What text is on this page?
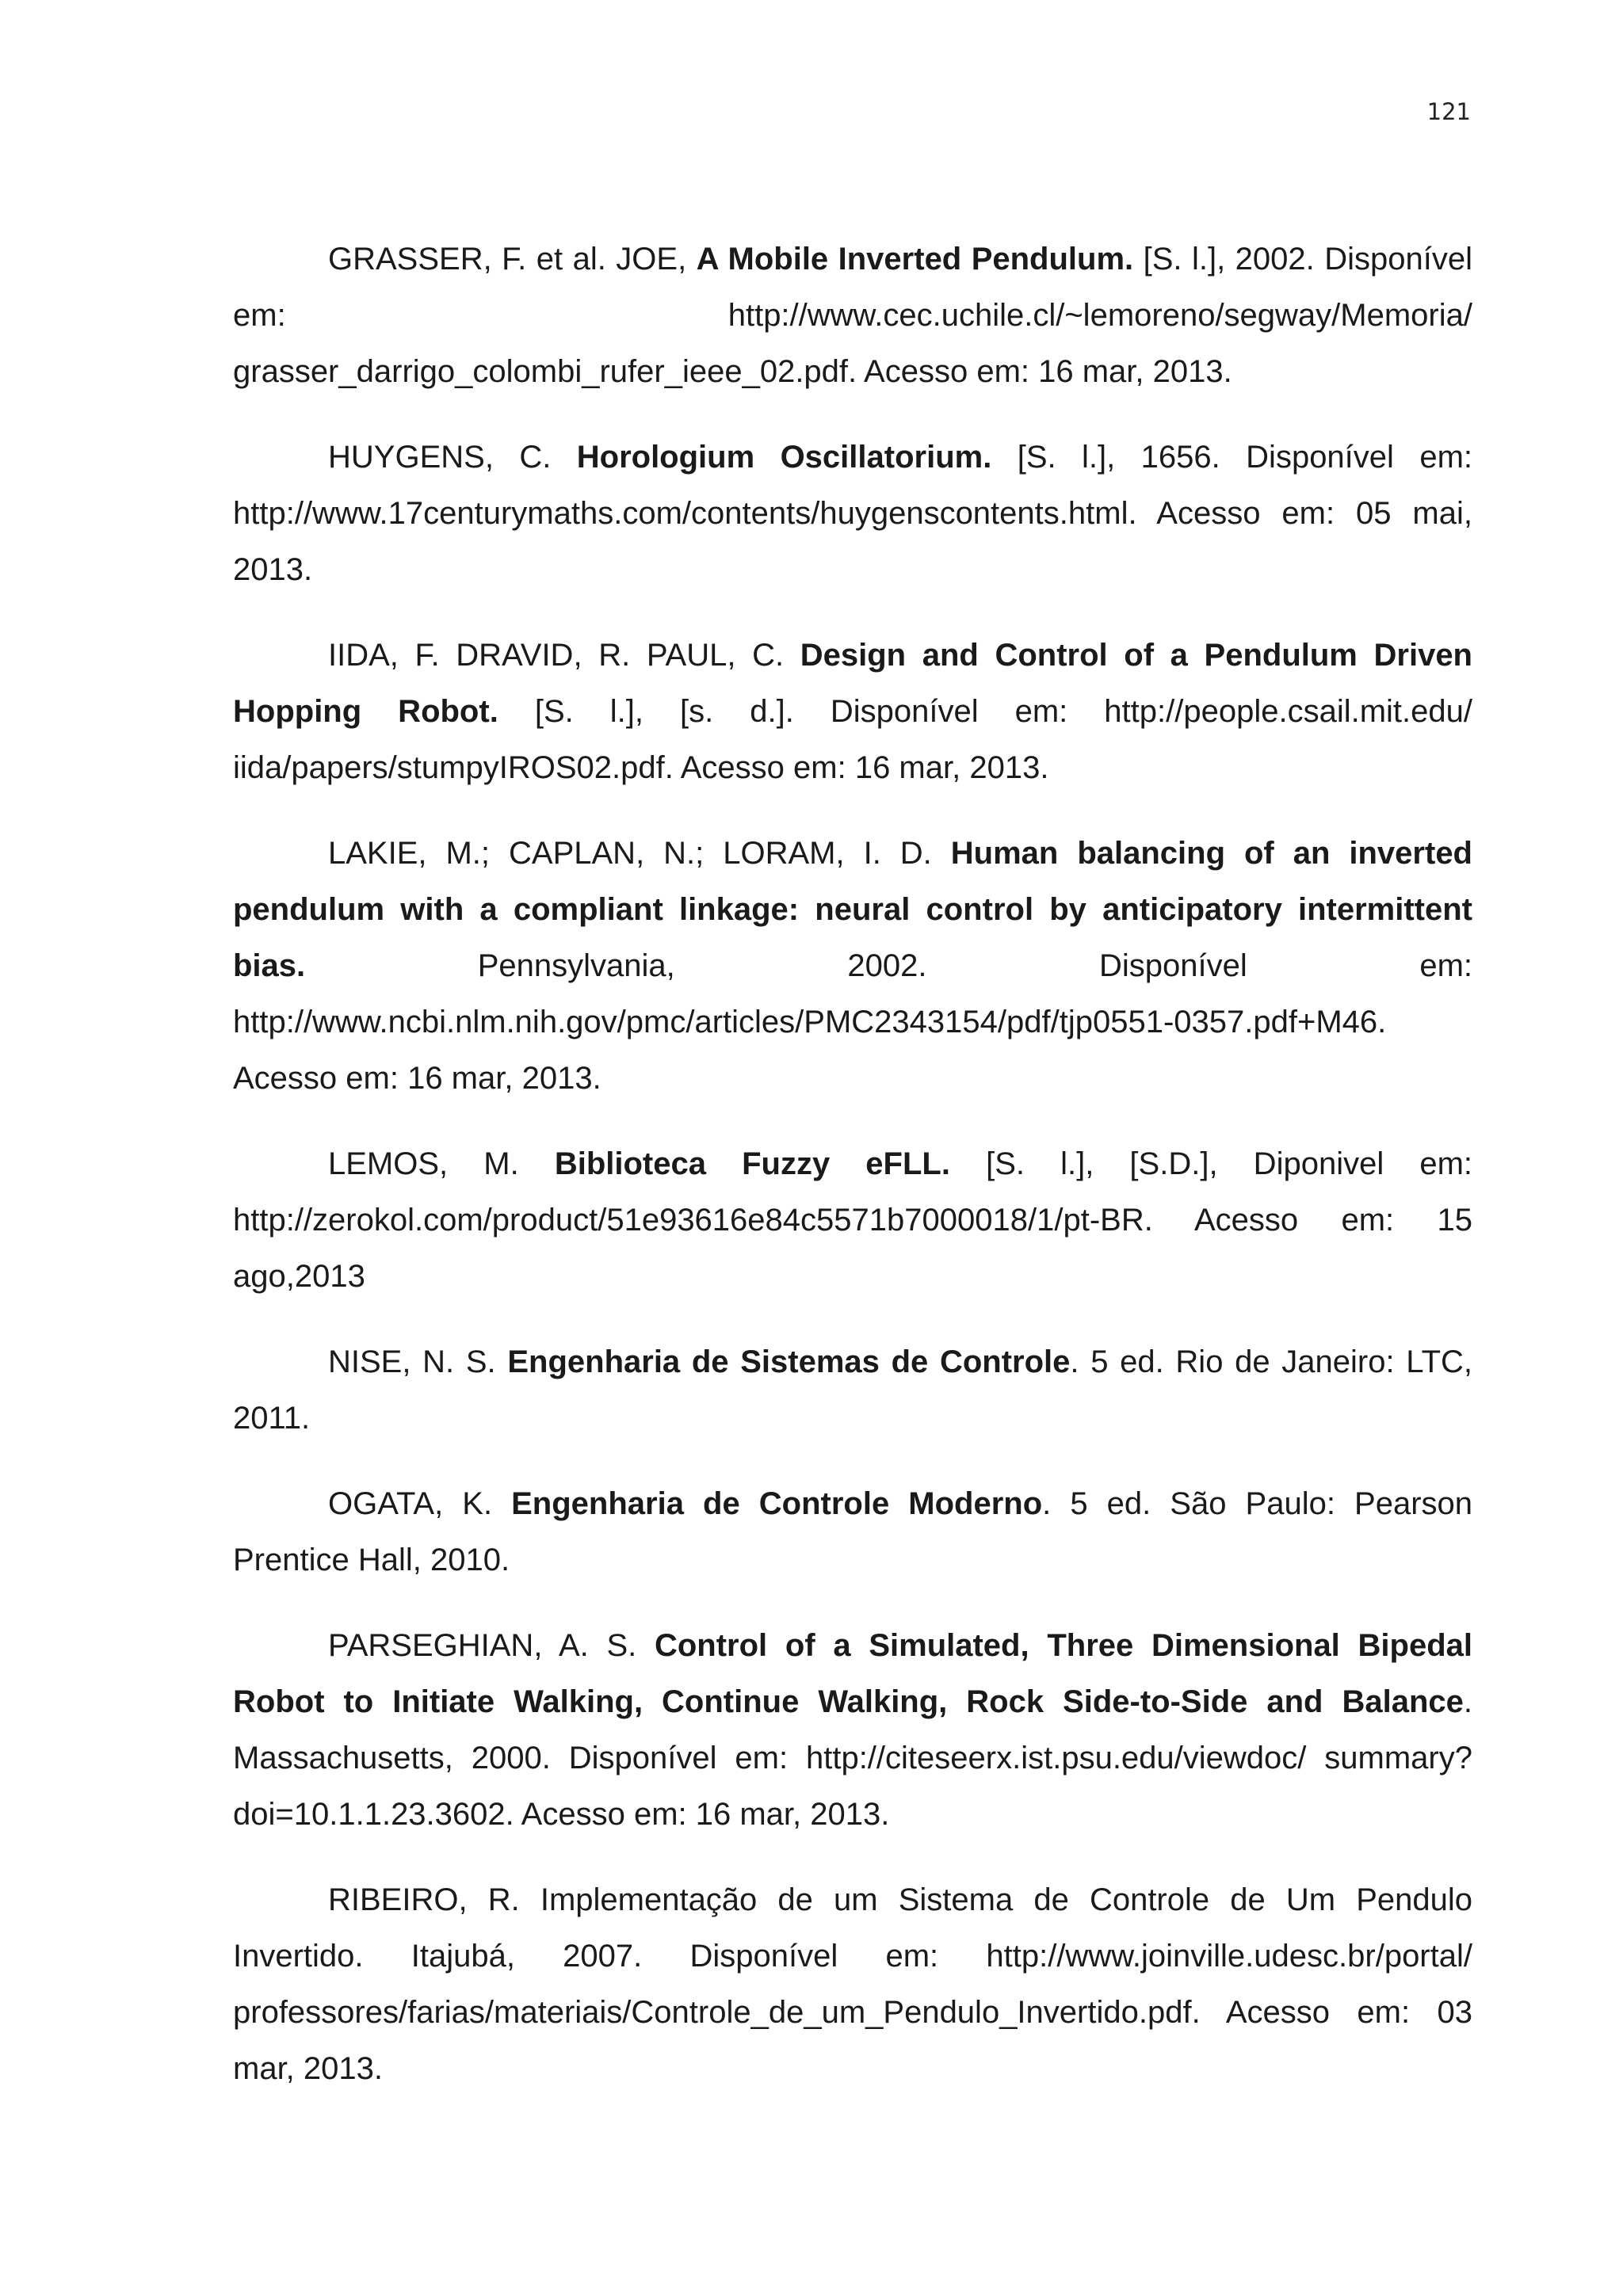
121

GRASSER, F. et al. JOE, A Mobile Inverted Pendulum. [S. l.], 2002. Disponível em: http://www.cec.uchile.cl/~lemoreno/segway/Memoria/ grasser_darrigo_colombi_rufer_ieee_02.pdf. Acesso em: 16 mar, 2013.

HUYGENS, C. Horologium Oscillatorium. [S. l.], 1656. Disponível em: http://www.17centurymaths.com/contents/huygenscontents.html. Acesso em: 05 mai, 2013.

IIDA, F. DRAVID, R. PAUL, C. Design and Control of a Pendulum Driven Hopping Robot. [S. l.], [s. d.]. Disponível em: http://people.csail.mit.edu/ iida/papers/stumpyIROS02.pdf. Acesso em: 16 mar, 2013.

LAKIE, M.; CAPLAN, N.; LORAM, I. D. Human balancing of an inverted pendulum with a compliant linkage: neural control by anticipatory intermittent bias. Pennsylvania, 2002. Disponível em: http://www.ncbi.nlm.nih.gov/pmc/articles/PMC2343154/pdf/tjp0551-0357.pdf+M46. Acesso em: 16 mar, 2013.

LEMOS, M. Biblioteca Fuzzy eFLL. [S. l.], [S.D.], Diponivel em: http://zerokol.com/product/51e93616e84c5571b7000018/1/pt-BR. Acesso em: 15 ago,2013

NISE, N. S. Engenharia de Sistemas de Controle. 5 ed. Rio de Janeiro: LTC, 2011.

OGATA, K. Engenharia de Controle Moderno. 5 ed. São Paulo: Pearson Prentice Hall, 2010.

PARSEGHIAN, A. S. Control of a Simulated, Three Dimensional Bipedal Robot to Initiate Walking, Continue Walking, Rock Side-to-Side and Balance. Massachusetts, 2000. Disponível em: http://citeseerx.ist.psu.edu/viewdoc/ summary?doi=10.1.1.23.3602. Acesso em: 16 mar, 2013.

RIBEIRO, R. Implementação de um Sistema de Controle de Um Pendulo Invertido. Itajubá, 2007. Disponível em: http://www.joinville.udesc.br/portal/ professores/farias/materiais/Controle_de_um_Pendulo_Invertido.pdf. Acesso em: 03 mar, 2013.
